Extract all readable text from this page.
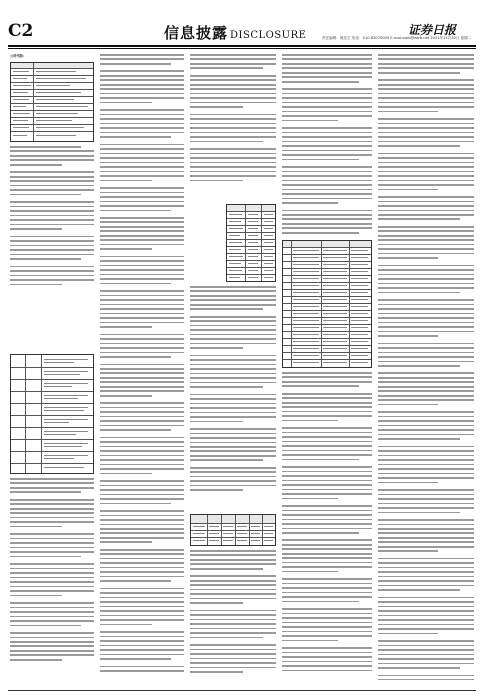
C2	信息披露 DISCLOSURE	证券日报
责任编辑：姚先生 电话：010-63070000 E-mail:zqrb@zqrb.net 2021年11月30日 星期二
公司代码：
